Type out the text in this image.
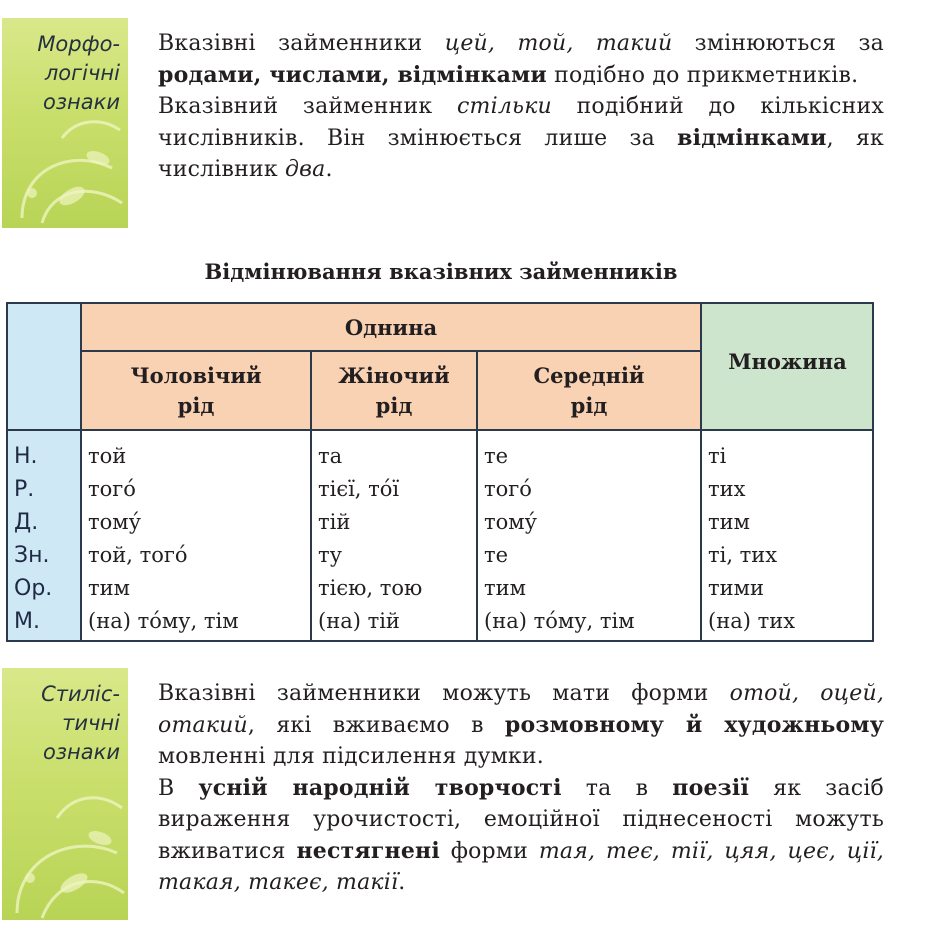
Морфо-
логічні
ознаки

Вказівні займенники цей, той, такий змінюються за родами, числами, відмінками подібно до прикметників.

Вказівний займенник стільки подібний до кількісних числівників. Він змінюється лише за відмінками, як числівник два.

Відмінювання вказівних займенників
Однина
Множина
Чоловічий
рід
Жіночий
рід
Середній
рід
Н.
Р.
Д.
Зн.
Ор.
М.
той
того́
тому́
той, того́
тим
(на) то́му, тім
та
тієї, то́ї
тій
ту
тією, тою
(на) тій
те
того́
тому́
те
тим
(на) то́му, тім
ті
тих
тим
ті, тих
тими
(на) тих
Стиліс-
тичні
ознаки

Вказівні займенники можуть мати форми отой, оцей, отакий, які вживаємо в розмовному й художньому мовленні для підсилення думки.

В усній народній творчості та в поезії як засіб вираження урочистості, емоційної піднесеності можуть вживатися нестягнені форми тая, теє, тії, цяя, цеє, ції, такая, такеє, такії.
